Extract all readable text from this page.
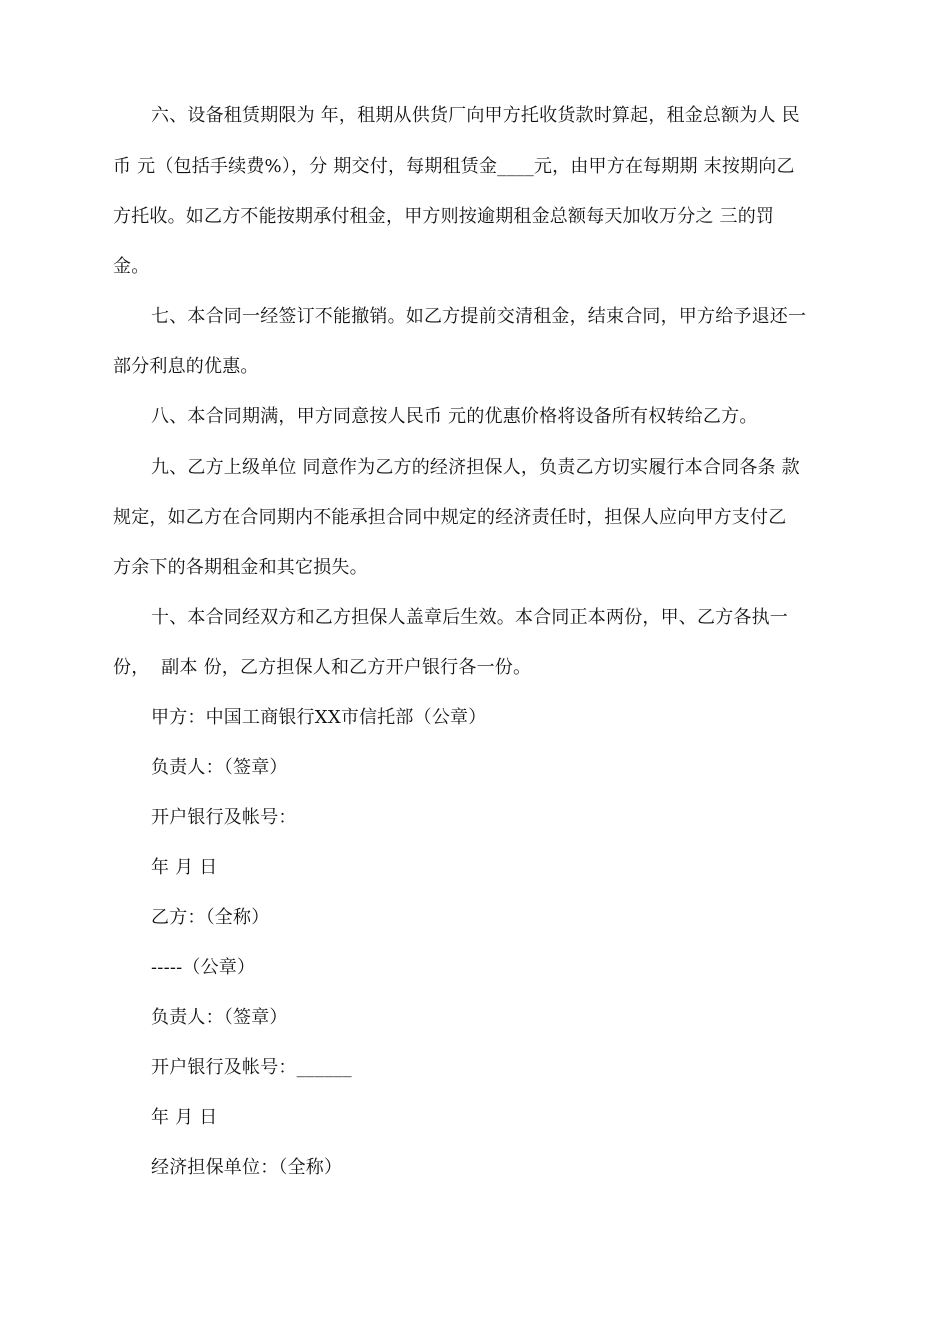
六、设备租赁期限为 年，租期从供货厂向甲方托收货款时算起，租金总额为人 民
币 元（包括手续费%），分 期交付，每期租赁金____元，由甲方在每期期 末按期向乙
方托收。如乙方不能按期承付租金，甲方则按逾期租金总额每天加收万分之 三的罚
金。
七、本合同一经签订不能撤销。如乙方提前交清租金，结束合同，甲方给予退还一
部分利息的优惠。
八、本合同期满，甲方同意按人民币 元的优惠价格将设备所有权转给乙方。
九、乙方上级单位 同意作为乙方的经济担保人，负责乙方切实履行本合同各条 款
规定，如乙方在合同期内不能承担合同中规定的经济责任时，担保人应向甲方支付乙
方余下的各期租金和其它损失。
十、本合同经双方和乙方担保人盖章后生效。本合同正本两份，甲、乙方各执一
份，  副本 份，乙方担保人和乙方开户银行各一份。
甲方：中国工商银行XX市信托部（公章）
负责人：（签章）
开户银行及帐号：
年 月 日
乙方：（全称）
-----（公章）
负责人：（签章）
开户银行及帐号：______
年 月 日
经济担保单位：（全称）
